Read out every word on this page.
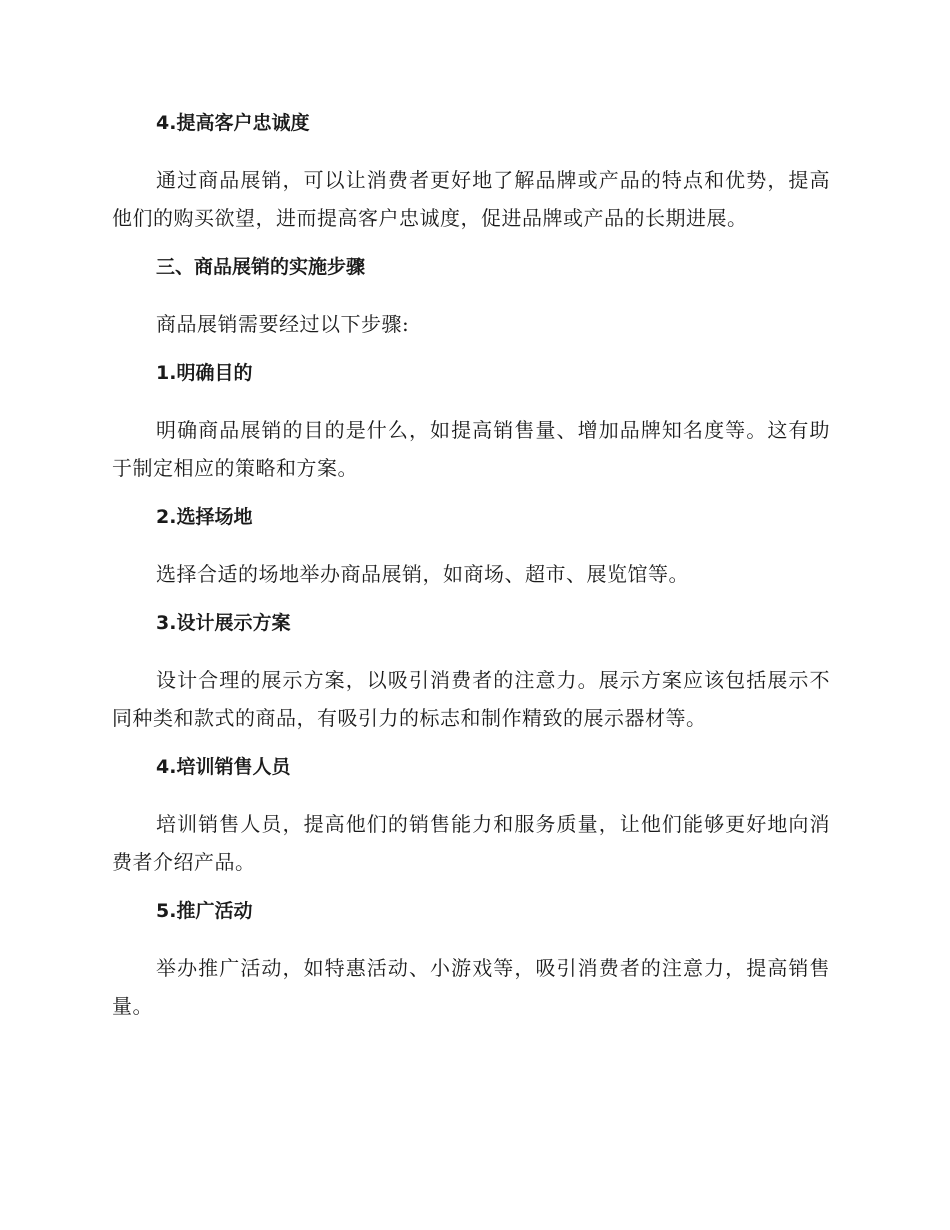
4.提高客户忠诚度

通过商品展销，可以让消费者更好地了解品牌或产品的特点和优势，提高他们的购买欲望，进而提高客户忠诚度，促进品牌或产品的长期进展。

三、商品展销的实施步骤

商品展销需要经过以下步骤:

1.明确目的

明确商品展销的目的是什么，如提高销售量、增加品牌知名度等。这有助于制定相应的策略和方案。

2.选择场地

选择合适的场地举办商品展销，如商场、超市、展览馆等。

3.设计展示方案

设计合理的展示方案，以吸引消费者的注意力。展示方案应该包括展示不同种类和款式的商品，有吸引力的标志和制作精致的展示器材等。

4.培训销售人员

培训销售人员，提高他们的销售能力和服务质量，让他们能够更好地向消费者介绍产品。

5.推广活动

举办推广活动，如特惠活动、小游戏等，吸引消费者的注意力，提高销售量。
